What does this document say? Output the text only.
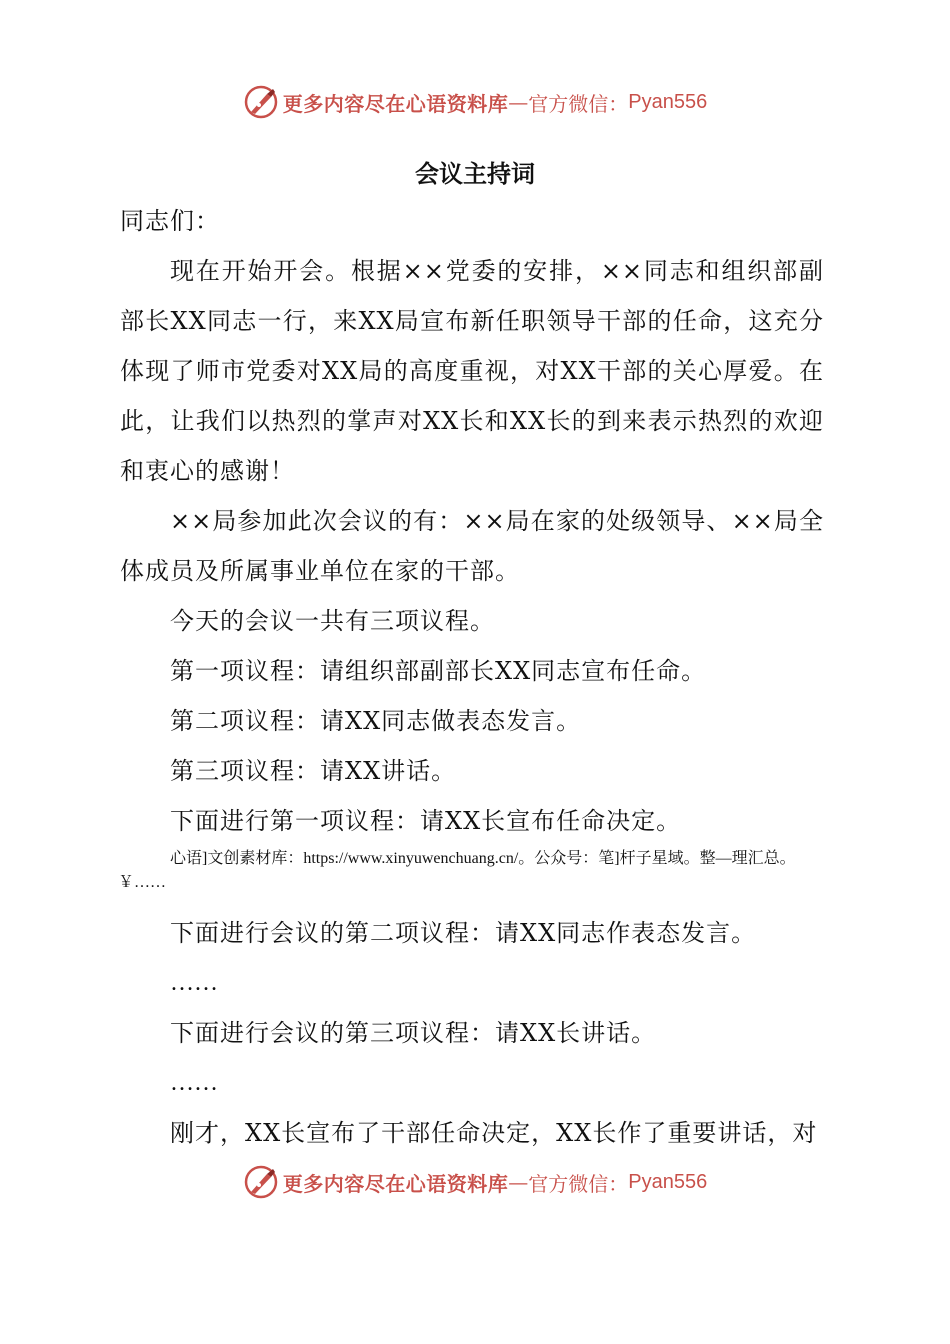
更多内容尽在心语资料库 — 官方微信： Pyan556
会议主持词

同志们：

现在开始开会。根据××党委的安排，××同志和组织部副部长XX同志一行，来XX局宣布新任职领导干部的任命，这充分体现了师市党委对XX局的高度重视，对XX干部的关心厚爱。在此，让我们以热烈的掌声对XX长和XX长的到来表示热烈的欢迎和衷心的感谢！

××局参加此次会议的有：××局在家的处级领导、××局全体成员及所属事业单位在家的干部。

今天的会议一共有三项议程。

第一项议程：请组织部副部长XX同志宣布任命。

第二项议程：请XX同志做表态发言。

第三项议程：请XX讲话。

下面进行第一项议程：请XX长宣布任命决定。

心语]文创素材库：https://www.xinyuwenchuang.cn/。公众号：笔]杆子星域。整—理汇总。

￥……

下面进行会议的第二项议程：请XX同志作表态发言。

……

下面进行会议的第三项议程：请XX长讲话。

……

刚才，XX长宣布了干部任命决定，XX长作了重要讲话，对

更多内容尽在心语资料库 — 官方微信： Pyan556
